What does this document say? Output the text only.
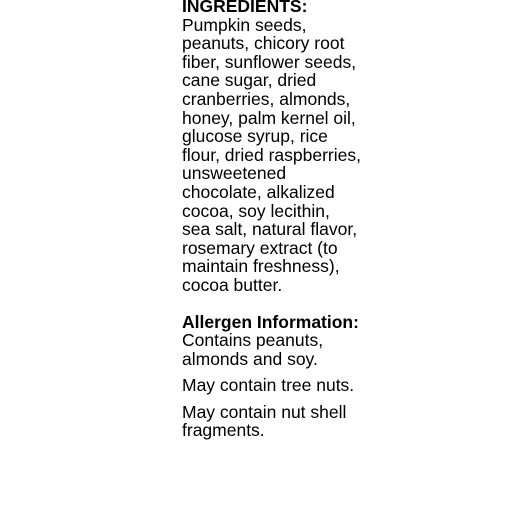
INGREDIENTS:

Pumpkin seeds, peanuts, chicory root fiber, sunflower seeds, cane sugar, dried cranberries, almonds, honey, palm kernel oil, glucose syrup, rice flour, dried raspberries, unsweetened chocolate, alkalized cocoa, soy lecithin, sea salt, natural flavor, rosemary extract (to maintain freshness), cocoa butter.

Allergen Information:

Contains peanuts, almonds and soy.

May contain tree nuts.

May contain nut shell fragments.
